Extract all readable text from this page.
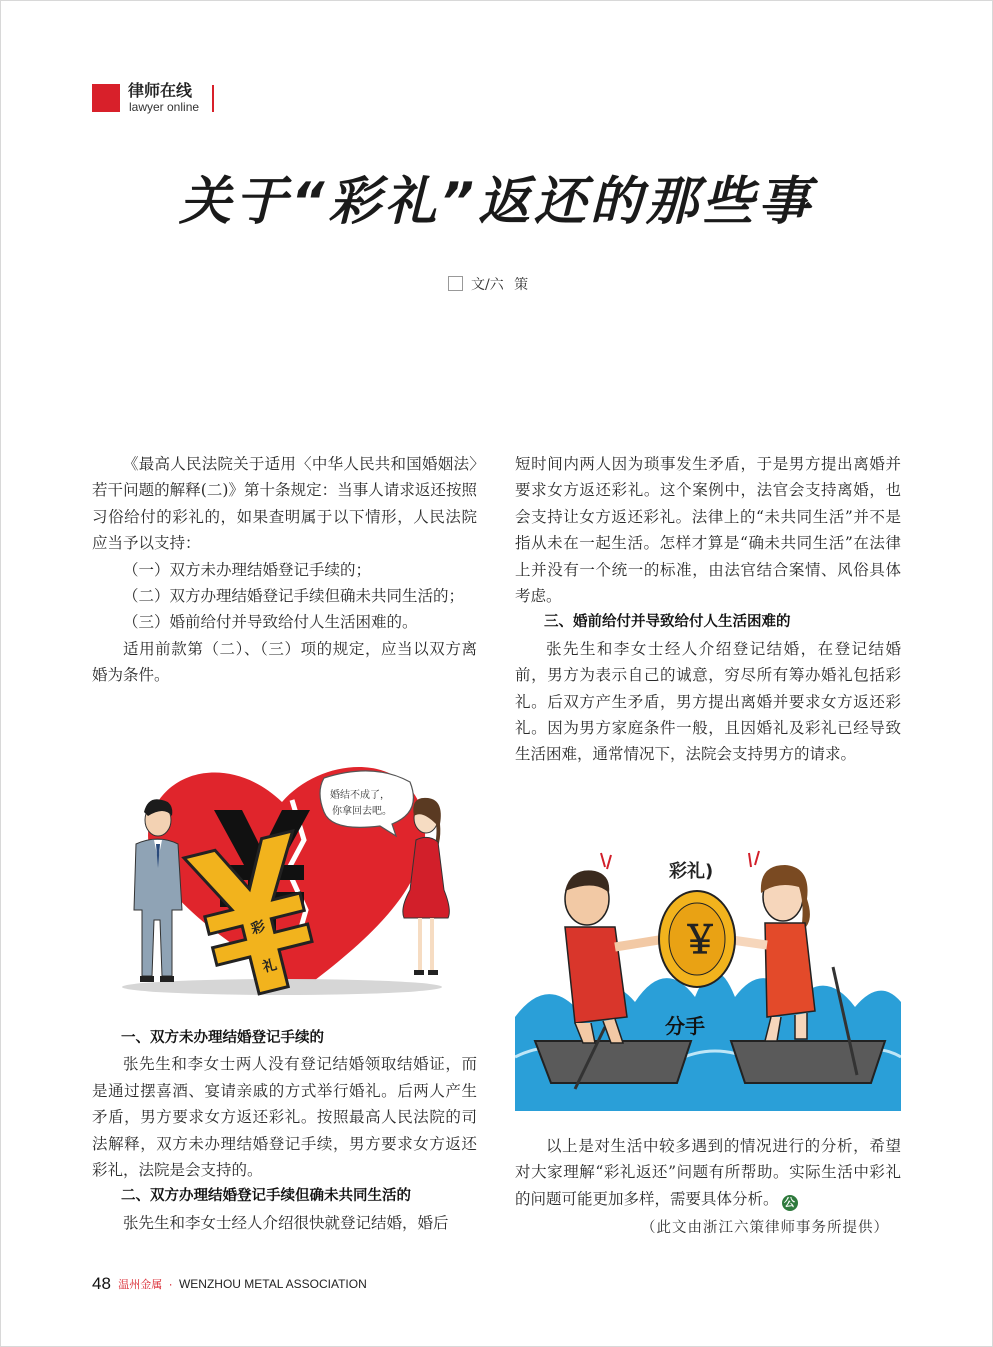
律师在线
lawyer online
关于“彩礼”返还的那些事
文/六 策

《最高人民法院关于适用〈中华人民共和国婚姻法〉若干问题的解释(二)》第十条规定：当事人请求返还按照习俗给付的彩礼的，如果查明属于以下情形，人民法院应当予以支持：

（一）双方未办理结婚登记手续的；

（二）双方办理结婚登记手续但确未共同生活的；

（三）婚前给付并导致给付人生活困难的。

适用前款第（二）、（三）项的规定，应当以双方离婚为条件。

婚结不成了，
你拿回去吧。
彩
礼
一、双方未办理结婚登记手续的

张先生和李女士两人没有登记结婚领取结婚证，而是通过摆喜酒、宴请亲戚的方式举行婚礼。后两人产生矛盾，男方要求女方返还彩礼。按照最高人民法院的司法解释，双方未办理结婚登记手续，男方要求女方返还彩礼，法院是会支持的。

二、双方办理结婚登记手续但确未共同生活的

张先生和李女士经人介绍很快就登记结婚，婚后

短时间内两人因为琐事发生矛盾，于是男方提出离婚并要求女方返还彩礼。这个案例中，法官会支持离婚，也会支持让女方返还彩礼。法律上的“未共同生活”并不是指从未在一起生活。怎样才算是“确未共同生活”在法律上并没有一个统一的标准，由法官结合案情、风俗具体考虑。

三、婚前给付并导致给付人生活困难的

张先生和李女士经人介绍登记结婚，在登记结婚前，男方为表示自己的诚意，穷尽所有筹办婚礼包括彩礼。后双方产生矛盾，男方提出离婚并要求女方返还彩礼。因为男方家庭条件一般，且因婚礼及彩礼已经导致生活困难，通常情况下，法院会支持男方的请求。

￥
彩礼)
分手

以上是对生活中较多遇到的情况进行的分析，希望对大家理解“彩礼返还”问题有所帮助。实际生活中彩礼的问题可能更加多样，需要具体分析。 公

（此文由浙江六策律师事务所提供）
48 温州金属 · WENZHOU METAL ASSOCIATION
